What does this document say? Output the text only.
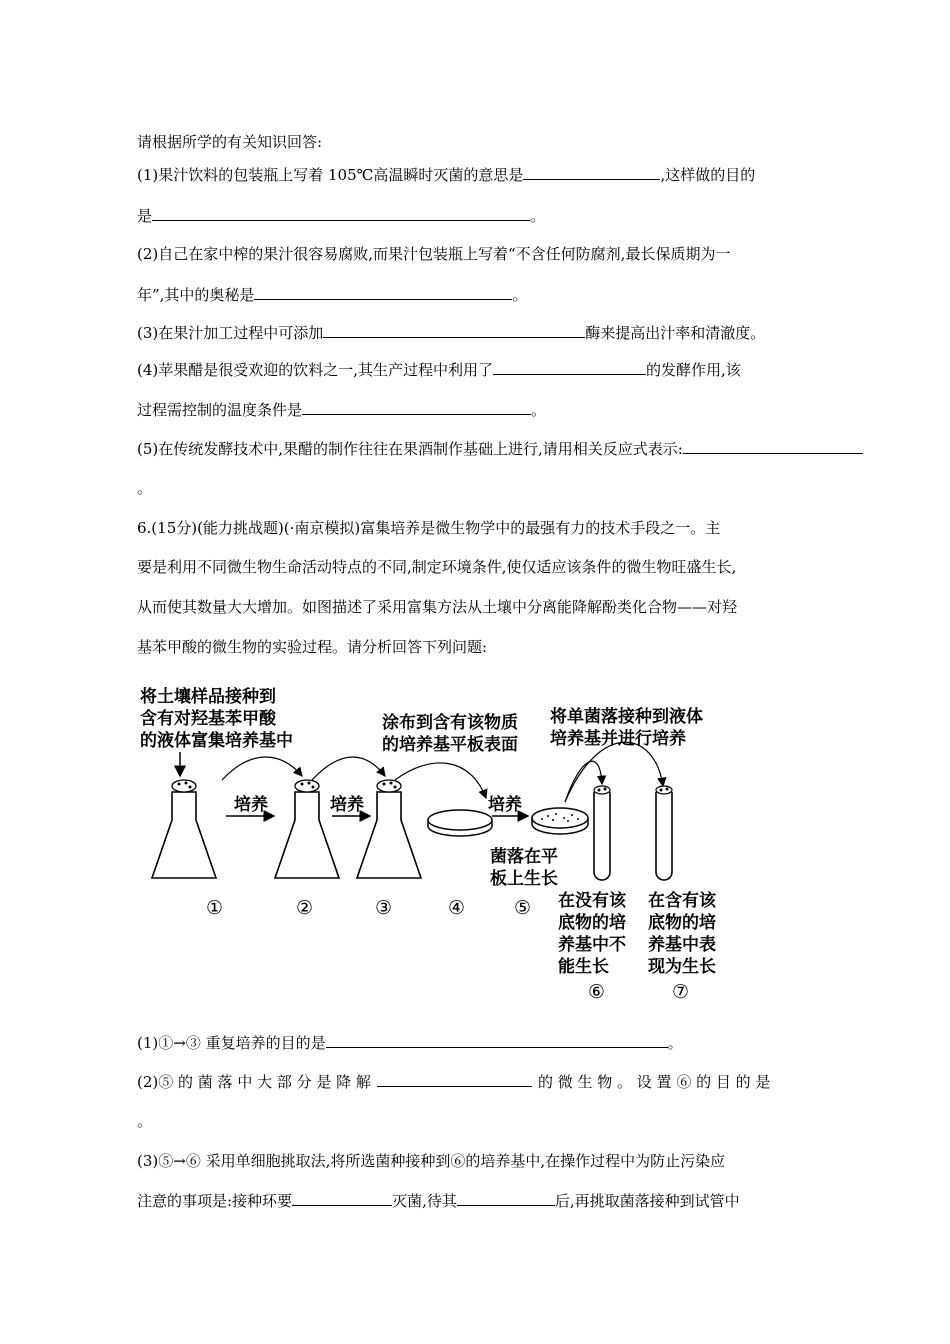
请根据所学的有关知识回答:
(1)果汁饮料的包装瓶上写着 105℃高温瞬时灭菌的意思是	,这样做的目的
是	。
(2)自己在家中榨的果汁很容易腐败,而果汁包装瓶上写着“不含任何防腐剂,最长保质期为一
年”,其中的奥秘是	。
(3)在果汁加工过程中可添加	酶来提高出汁率和清澈度。
(4)苹果醋是很受欢迎的饮料之一,其生产过程中利用了	的发酵作用,该
过程需控制的温度条件是	。
(5)在传统发酵技术中,果醋的制作往往在果酒制作基础上进行,请用相关反应式表示:
。
6.(15分)(能力挑战题)(·南京模拟)富集培养是微生物学中的最强有力的技术手段之一。主
要是利用不同微生物生命活动特点的不同,制定环境条件,使仅适应该条件的微生物旺盛生长,
从而使其数量大大增加。如图描述了采用富集方法从土壤中分离能降解酚类化合物——对羟
基苯甲酸的微生物的实验过程。请分析回答下列问题:
将土壤样品接种到
含有对羟基苯甲酸
的液体富集培养基中
涂布到含有该物质
的培养基平板表面
将单菌落接种到液体
培养基并进行培养
培养	培养	培养
菌落在平
板上生长
①	②	③	④	⑤ 在没有该
底物的培
养基中不
能生长
在含有该
底物的培
养基中表
现为生长
⑥	⑦
(1)①→③ 重复培养的目的是	。
(2)⑤ 的 菌 落 中 大 部 分 是 降 解	的 微 生 物 。 设 置 ⑥ 的 目 的 是
。
(3)⑤→⑥ 采用单细胞挑取法,将所选菌种接种到⑥的培养基中,在操作过程中为防止污染应
注意的事项是:接种环要	灭菌,待其	后,再挑取菌落接种到试管中
